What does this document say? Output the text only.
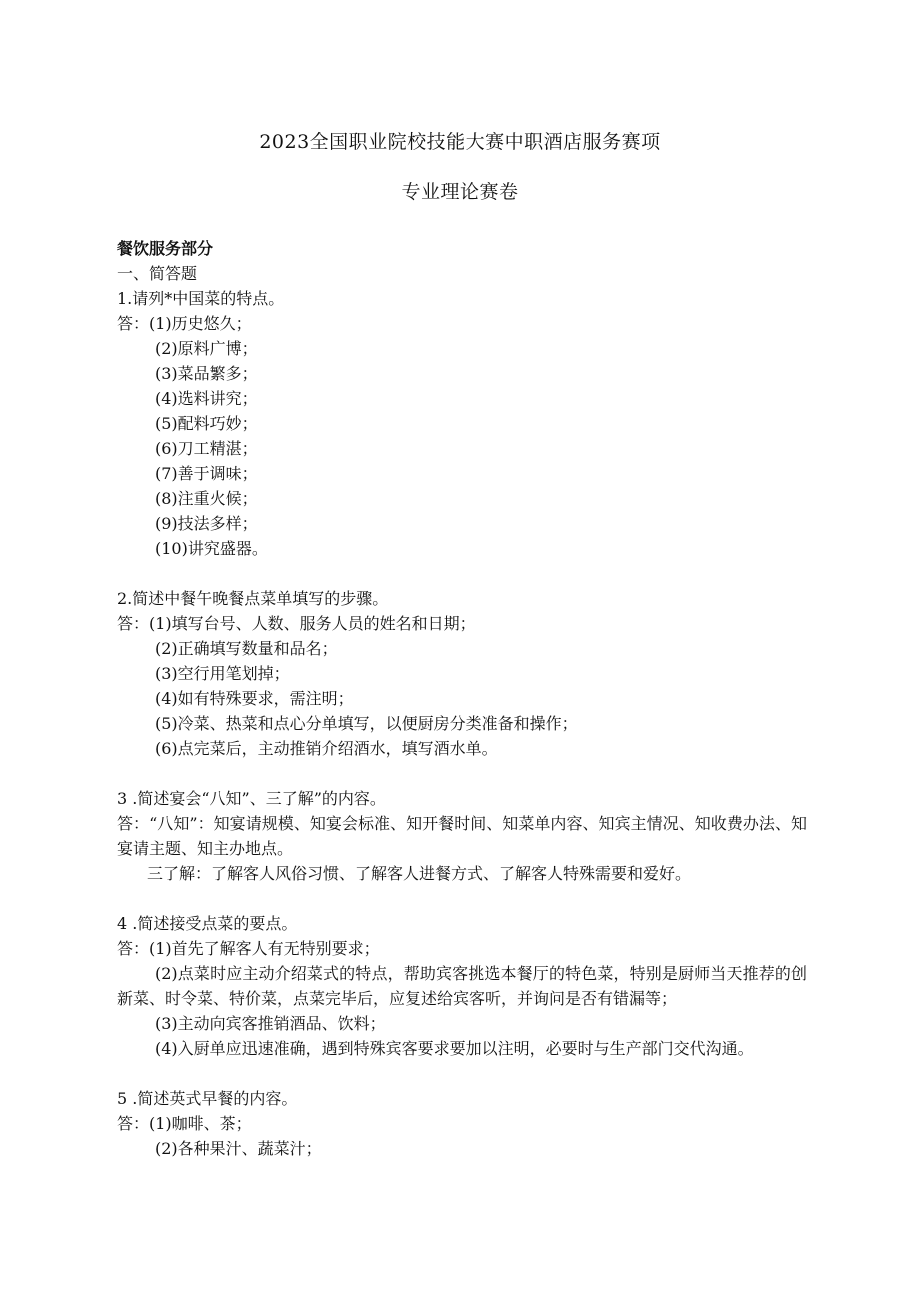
2023全国职业院校技能大赛中职酒店服务赛项
专业理论赛卷
餐饮服务部分
一、简答题
1.请列*中国菜的特点。
答：(1)历史悠久；
(2)原料广博；
(3)菜品繁多；
(4)选料讲究；
(5)配料巧妙；
(6)刀工精湛；
(7)善于调味；
(8)注重火候；
(9)技法多样；
(10)讲究盛器。
2.简述中餐午晚餐点菜单填写的步骤。
答：(1)填写台号、人数、服务人员的姓名和日期；
(2)正确填写数量和品名；
(3)空行用笔划掉；
(4)如有特殊要求，需注明；
(5)冷菜、热菜和点心分单填写，以便厨房分类准备和操作；
(6)点完菜后，主动推销介绍酒水，填写酒水单。
3 .简述宴会“八知”、三了解”的内容。
答：“八知”：知宴请规模、知宴会标准、知开餐时间、知菜单内容、知宾主情况、知收费办法、知宴请主题、知主办地点。
三了解：了解客人风俗习惯、了解客人进餐方式、了解客人特殊需要和爱好。
4 .简述接受点菜的要点。
答：(1)首先了解客人有无特别要求；
(2)点菜时应主动介绍菜式的特点，帮助宾客挑选本餐厅的特色菜，特别是厨师当天推荐的创新菜、时令菜、特价菜，点菜完毕后，应复述给宾客听，并询问是否有错漏等；
(3)主动向宾客推销酒品、饮料；
(4)入厨单应迅速准确，遇到特殊宾客要求要加以注明，必要时与生产部门交代沟通。
5 .简述英式早餐的内容。
答：(1)咖啡、茶；
(2)各种果汁、蔬菜汁；
